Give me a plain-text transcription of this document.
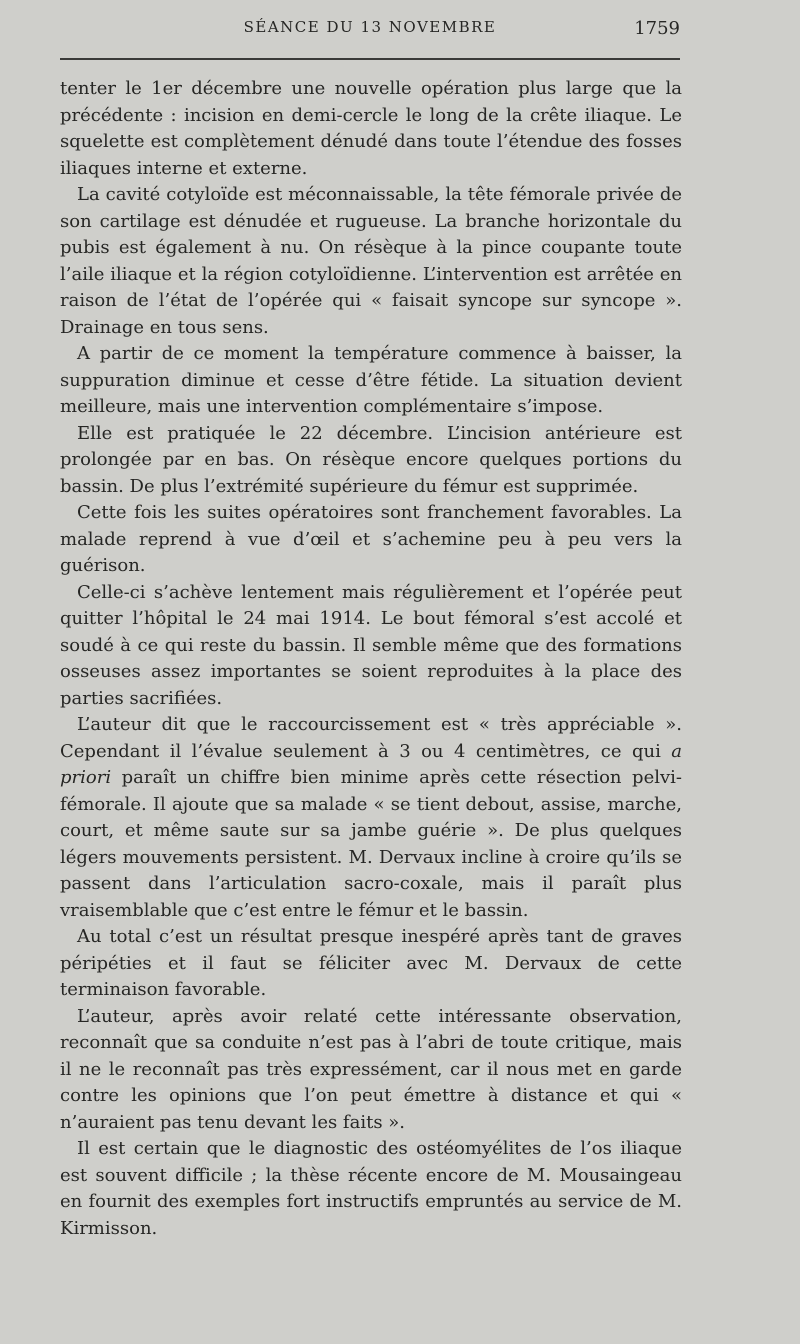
SÉANCE DU 13 NOVEMBRE	1759

tenter le 1er décembre une nouvelle opération plus large que la précédente : incision en demi-cercle le long de la crête iliaque. Le squelette est complètement dénudé dans toute l’étendue des fosses iliaques interne et externe.

La cavité cotyloïde est méconnaissable, la tête fémorale privée de son cartilage est dénudée et rugueuse. La branche horizontale du pubis est également à nu. On résèque à la pince coupante toute l’aile iliaque et la région cotyloïdienne. L’intervention est arrêtée en raison de l’état de l’opérée qui « faisait syncope sur syncope ». Drainage en tous sens.

A partir de ce moment la température commence à baisser, la suppuration diminue et cesse d’être fétide. La situation devient meilleure, mais une intervention complémentaire s’impose.

Elle est pratiquée le 22 décembre. L’incision antérieure est prolongée par en bas. On résèque encore quelques portions du bassin. De plus l’extrémité supérieure du fémur est supprimée.

Cette fois les suites opératoires sont franchement favorables. La malade reprend à vue d’œil et s’achemine peu à peu vers la guérison.

Celle-ci s’achève lentement mais régulièrement et l’opérée peut quitter l’hôpital le 24 mai 1914. Le bout fémoral s’est accolé et soudé à ce qui reste du bassin. Il semble même que des formations osseuses assez importantes se soient reproduites à la place des parties sacrifiées.

L’auteur dit que le raccourcissement est « très appréciable ». Cependant il l’évalue seulement à 3 ou 4 centimètres, ce qui a priori paraît un chiffre bien minime après cette résection pelvi-fémorale. Il ajoute que sa malade « se tient debout, assise, marche, court, et même saute sur sa jambe guérie ». De plus quelques légers mouvements persistent. M. Dervaux incline à croire qu’ils se passent dans l’articulation sacro-coxale, mais il paraît plus vraisemblable que c’est entre le fémur et le bassin.

Au total c’est un résultat presque inespéré après tant de graves péripéties et il faut se féliciter avec M. Dervaux de cette terminaison favorable.

L’auteur, après avoir relaté cette intéressante observation, reconnaît que sa conduite n’est pas à l’abri de toute critique, mais il ne le reconnaît pas très expressément, car il nous met en garde contre les opinions que l’on peut émettre à distance et qui « n’auraient pas tenu devant les faits ».

Il est certain que le diagnostic des ostéomyélites de l’os iliaque est souvent difficile ; la thèse récente encore de M. Mousaingeau en fournit des exemples fort instructifs empruntés au service de M. Kirmisson.
